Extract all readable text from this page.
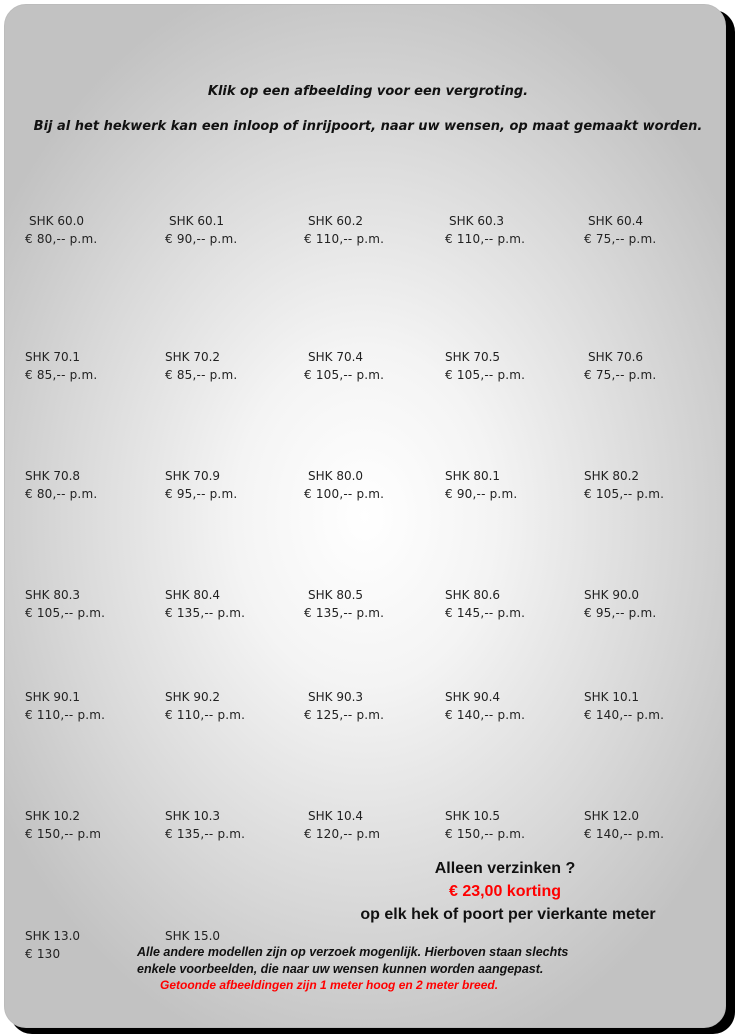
Klik op een afbeelding voor een vergroting.
Bij al het hekwerk kan een inloop of inrijpoort, naar uw wensen, op maat gemaakt worden.
SHK 60.0
€ 80,-- p.m.
SHK 60.1
€ 90,-- p.m.
SHK 60.2
€ 110,-- p.m.
SHK 60.3
€ 110,-- p.m.
SHK 60.4
€ 75,-- p.m.
SHK 70.1
€ 85,-- p.m.
SHK 70.2
€ 85,-- p.m.
SHK 70.4
€ 105,-- p.m.
SHK 70.5
€ 105,-- p.m.
SHK 70.6
€ 75,-- p.m.
SHK 70.8
€ 80,-- p.m.
SHK 70.9
€ 95,-- p.m.
SHK 80.0
€ 100,-- p.m.
SHK 80.1
€ 90,-- p.m.
SHK 80.2
€ 105,-- p.m.
SHK 80.3
€ 105,-- p.m.
SHK 80.4
€ 135,-- p.m.
SHK 80.5
€ 135,-- p.m.
SHK 80.6
€ 145,-- p.m.
SHK 90.0
€ 95,-- p.m.
SHK 90.1
€ 110,-- p.m.
SHK 90.2
€ 110,-- p.m.
SHK 90.3
€ 125,-- p.m.
SHK 90.4
€ 140,-- p.m.
SHK 10.1
€ 140,-- p.m.
SHK 10.2
€ 150,-- p.m
SHK 10.3
€ 135,-- p.m.
SHK 10.4
€ 120,-- p.m
SHK 10.5
€ 150,-- p.m.
SHK 12.0
€ 140,-- p.m.
SHK 13.0
€ 130
SHK 15.0
Alleen verzinken ?
€ 23,00 korting
op elk hek of poort per vierkante meter
Alle andere modellen zijn op verzoek mogenlijk. Hierboven staan slechts
enkele voorbeelden, die naar uw wensen kunnen worden aangepast.
Getoonde afbeeldingen zijn 1 meter hoog en 2 meter breed.
